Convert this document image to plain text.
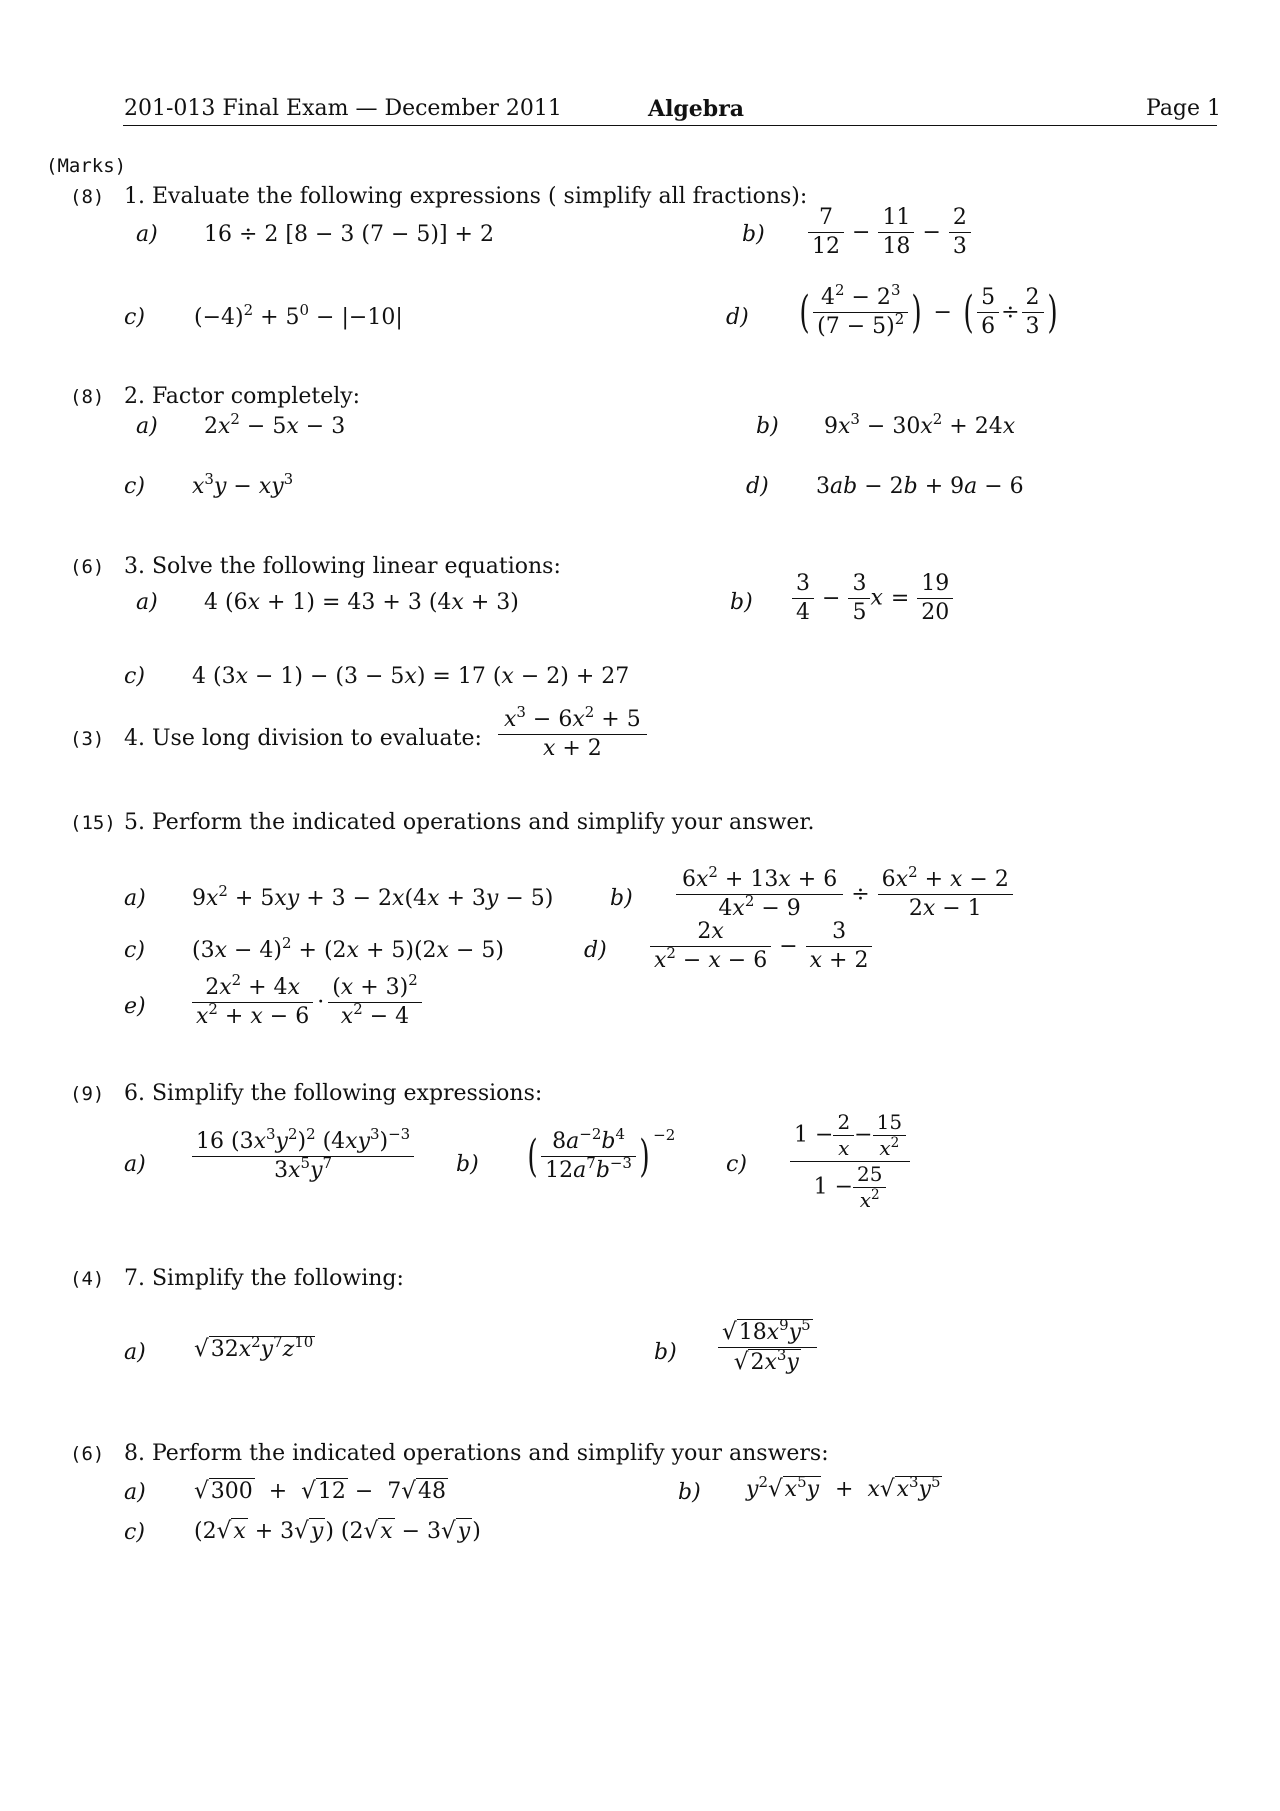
201-013 Final Exam — December 2011	Algebra	Page 1
(Marks)
(8) 1. Evaluate the following expressions ( simplify all fractions):
a) 16 ÷ 2 [8 − 3 (7 − 5)] + 2	$b) \frac{7}{12} - \frac{11}{18} - \frac{2}{3}$
c) $(-4)^2 + 5^0 - |-10|$	d) ( $\frac{4^2 - 2^3}{(7 - 5)^2}$ ) − ( $\frac{5}{6} \div \frac{2}{3}$ )
(8) 2. Factor completely:
a) $2x^2 - 5x - 3$	b) $9x^3 - 30x^2 + 24x$
c) $x^3y - xy^3$	d) 3ab − 2b + 9a − 6
(6) 3. Solve the following linear equations:
a) 4 (6x + 1) = 43 + 3 (4x + 3)	$b) \frac{3}{4} - \frac{3}{5}$ $x = \frac{19}{20}$
c) 4 (3x − 1) − (3 − 5x) = 17 (x − 2) + 27
(3) 4. Use long division to evaluate: $\frac{x^3 - 6x^2 + 5}{x + 2}$
(15) 5. Perform the indicated operations and simplify your answer.
a) $9x^2 + 5xy + 3 - 2x(4x + 3y - 5)$	$b) \frac{6x^2 + 13x + 6}{4x^2 - 9} \div \frac{6x^2 + x - 2}{2x - 1}$
c) $(3x - 4)^2 + (2x + 5)(2x - 5)$	$d) \frac{2x}{x^2 - x - 6} - \frac{3}{x + 2}$
$e) \frac{2x^2 + 4x}{x^2 + x - 6} \cdot \frac{(x + 3)^2}{x^2 - 4}$
(9) 6. Simplify the following expressions:
$a) \frac{16 (3x^3y^2)^2 (4xy^3)^{-3}}{3x^5y^7} b$) ( $\frac{8a^{-2}b^4}{12a^7b^{-3}}$ ) $^{-2}$
$c) \frac{1 - \frac{2}{x} - \frac{15}{x^2}}{1 - \frac{25}{x^2}}$
(4) 7. Simplify the following:
a) $√32x^2y^7z^{10}$	$b) \frac{√18x^9y^5}{√2x^3y}$
(6) 8. Perform the indicated operations and simplify your answers:
a) √300  +  √12 −  7√48	b) $y^2√x^5y + x√x^3y^5$
c) (2√x + 3√y) (2√x − 3√y)
